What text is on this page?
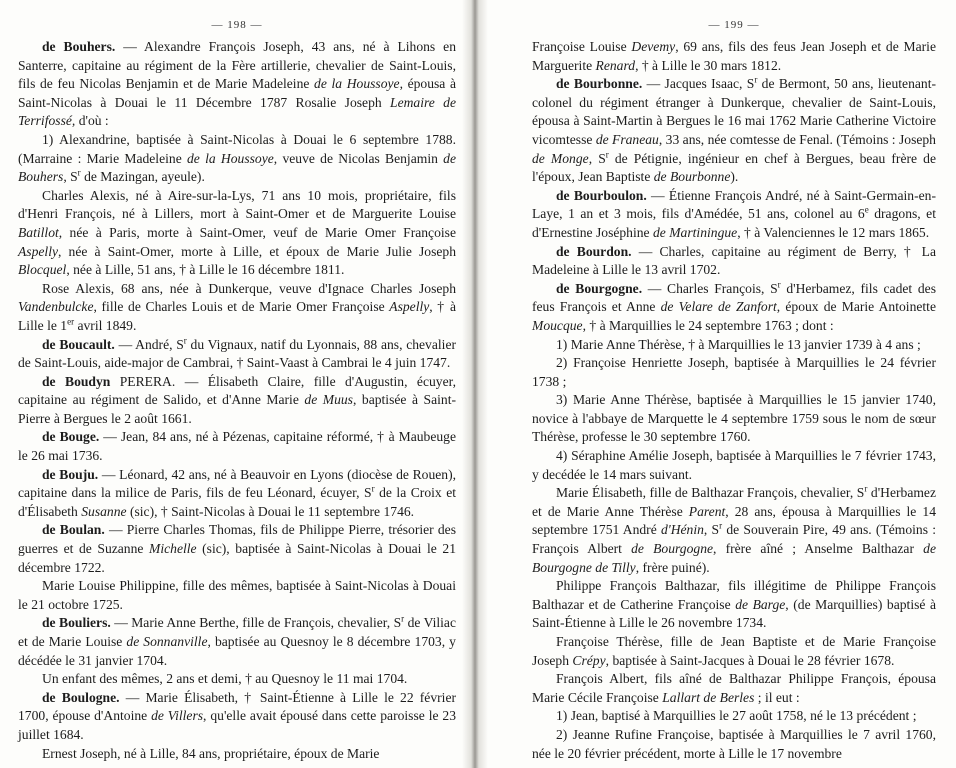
— 198 —

de Bouhers. — Alexandre François Joseph, 43 ans, né à Lihons en Santerre, capitaine au régiment de la Fère artillerie, chevalier de Saint-Louis, fils de feu Nicolas Benjamin et de Marie Madeleine de la Houssoye, épousa à Saint-Nicolas à Douai le 11 Décembre 1787 Rosalie Joseph Lemaire de Terrifossé, d'où :

1) Alexandrine, baptisée à Saint-Nicolas à Douai le 6 septembre 1788. (Marraine : Marie Madeleine de la Houssoye, veuve de Nicolas Benjamin de Bouhers, $S^r$ de Mazingan, ayeule).

Charles Alexis, né à Aire-sur-la-Lys, 71 ans 10 mois, propriétaire, fils d'Henri François, né à Lillers, mort à Saint-Omer et de Marguerite Louise Batillot, née à Paris, morte à Saint-Omer, veuf de Marie Omer Françoise Aspelly, née à Saint-Omer, morte à Lille, et époux de Marie Julie Joseph Blocquel, née à Lille, 51 ans, † à Lille le 16 décembre 1811.

Rose Alexis, 68 ans, née à Dunkerque, veuve d'Ignace Charles Joseph Vandenbulcke, fille de Charles Louis et de Marie Omer Françoise Aspelly, † à Lille le 1er avril 1849.

de Boucault. — André, $S^r$ du Vignaux, natif du Lyonnais, 88 ans, chevalier de Saint-Louis, aide-major de Cambrai, † Saint-Vaast à Cambrai le 4 juin 1747.

de Boudyn PERERA. — Élisabeth Claire, fille d'Augustin, écuyer, capitaine au régiment de Salido, et d'Anne Marie de Muus, baptisée à Saint-Pierre à Bergues le 2 août 1661.

de Bouge. — Jean, 84 ans, né à Pézenas, capitaine réformé, † à Maubeuge le 26 mai 1736.

de Bouju. — Léonard, 42 ans, né à Beauvoir en Lyons (diocèse de Rouen), capitaine dans la milice de Paris, fils de feu Léonard, écuyer, $S^r$ de la Croix et d'Élisabeth Susanne (sic), † Saint-Nicolas à Douai le 11 septembre 1746.

de Boulan. — Pierre Charles Thomas, fils de Philippe Pierre, trésorier des guerres et de Suzanne Michelle (sic), baptisée à Saint-Nicolas à Douai le 21 décembre 1722.

Marie Louise Philippine, fille des mêmes, baptisée à Saint-Nicolas à Douai le 21 octobre 1725.

de Bouliers. — Marie Anne Berthe, fille de François, chevalier, $S^r$ de Viliac et de Marie Louise de Sonnanville, baptisée au Quesnoy le 8 décembre 1703, y décédée le 31 janvier 1704.

Un enfant des mêmes, 2 ans et demi, † au Quesnoy le 11 mai 1704.

de Boulogne. — Marie Élisabeth, † Saint-Étienne à Lille le 22 février 1700, épouse d'Antoine de Villers, qu'elle avait épousé dans cette paroisse le 23 juillet 1684.

Ernest Joseph, né à Lille, 84 ans, propriétaire, époux de Marie

— 199 —

Françoise Louise Devemy, 69 ans, fils des feus Jean Joseph et de Marie Marguerite Renard, † à Lille le 30 mars 1812.

de Bourbonne. — Jacques Isaac, $S^r$ de Bermont, 50 ans, lieutenant-colonel du régiment étranger à Dunkerque, chevalier de Saint-Louis, épousa à Saint-Martin à Bergues le 16 mai 1762 Marie Catherine Victoire vicomtesse de Franeau, 33 ans, née comtesse de Fenal. (Témoins : Joseph de Monge, $S^r$ de Pétignie, ingénieur en chef à Bergues, beau frère de l'époux, Jean Baptiste de Bourbonne).

de Bourboulon. — Étienne François André, né à Saint-Germain-en-Laye, 1 an et 3 mois, fils d'Amédée, 51 ans, colonel au 6e dragons, et d'Ernestine Joséphine de Martiningue, † à Valenciennes le 12 mars 1865.

de Bourdon. — Charles, capitaine au régiment de Berry, † La Madeleine à Lille le 13 avril 1702.

de Bourgogne. — Charles François, $S^r$ d'Herbamez, fils cadet des feus François et Anne de Velare de Zanfort, époux de Marie Antoinette Moucque, † à Marquillies le 24 septembre 1763 ; dont :

1) Marie Anne Thérèse, † à Marquillies le 13 janvier 1739 à 4 ans ;

2) Françoise Henriette Joseph, baptisée à Marquillies le 24 février 1738 ;

3) Marie Anne Thérèse, baptisée à Marquillies le 15 janvier 1740, novice à l'abbaye de Marquette le 4 septembre 1759 sous le nom de sœur Thérèse, professe le 30 septembre 1760.

4) Séraphine Amélie Joseph, baptisée à Marquillies le 7 février 1743, y decédée le 14 mars suivant.

Marie Élisabeth, fille de Balthazar François, chevalier, $S^r$ d'Herbamez et de Marie Anne Thérèse Parent, 28 ans, épousa à Marquillies le 14 septembre 1751 André d'Hénin, $S^r$ de Souverain Pire, 49 ans. (Témoins : François Albert de Bourgogne, frère aîné ; Anselme Balthazar de Bourgogne de Tilly, frère puiné).

Philippe François Balthazar, fils illégitime de Philippe François Balthazar et de Catherine Françoise de Barge, (de Marquillies) baptisé à Saint-Étienne à Lille le 26 novembre 1734.

Françoise Thérèse, fille de Jean Baptiste et de Marie Françoise Joseph Crépy, baptisée à Saint-Jacques à Douai le 28 février 1678.

François Albert, fils aîné de Balthazar Philippe François, épousa Marie Cécile Françoise Lallart de Berles ; il eut :

1) Jean, baptisé à Marquillies le 27 août 1758, né le 13 précédent ;

2) Jeanne Rufine Françoise, baptisée à Marquillies le 7 avril 1760, née le 20 février précédent, morte à Lille le 17 novembre
